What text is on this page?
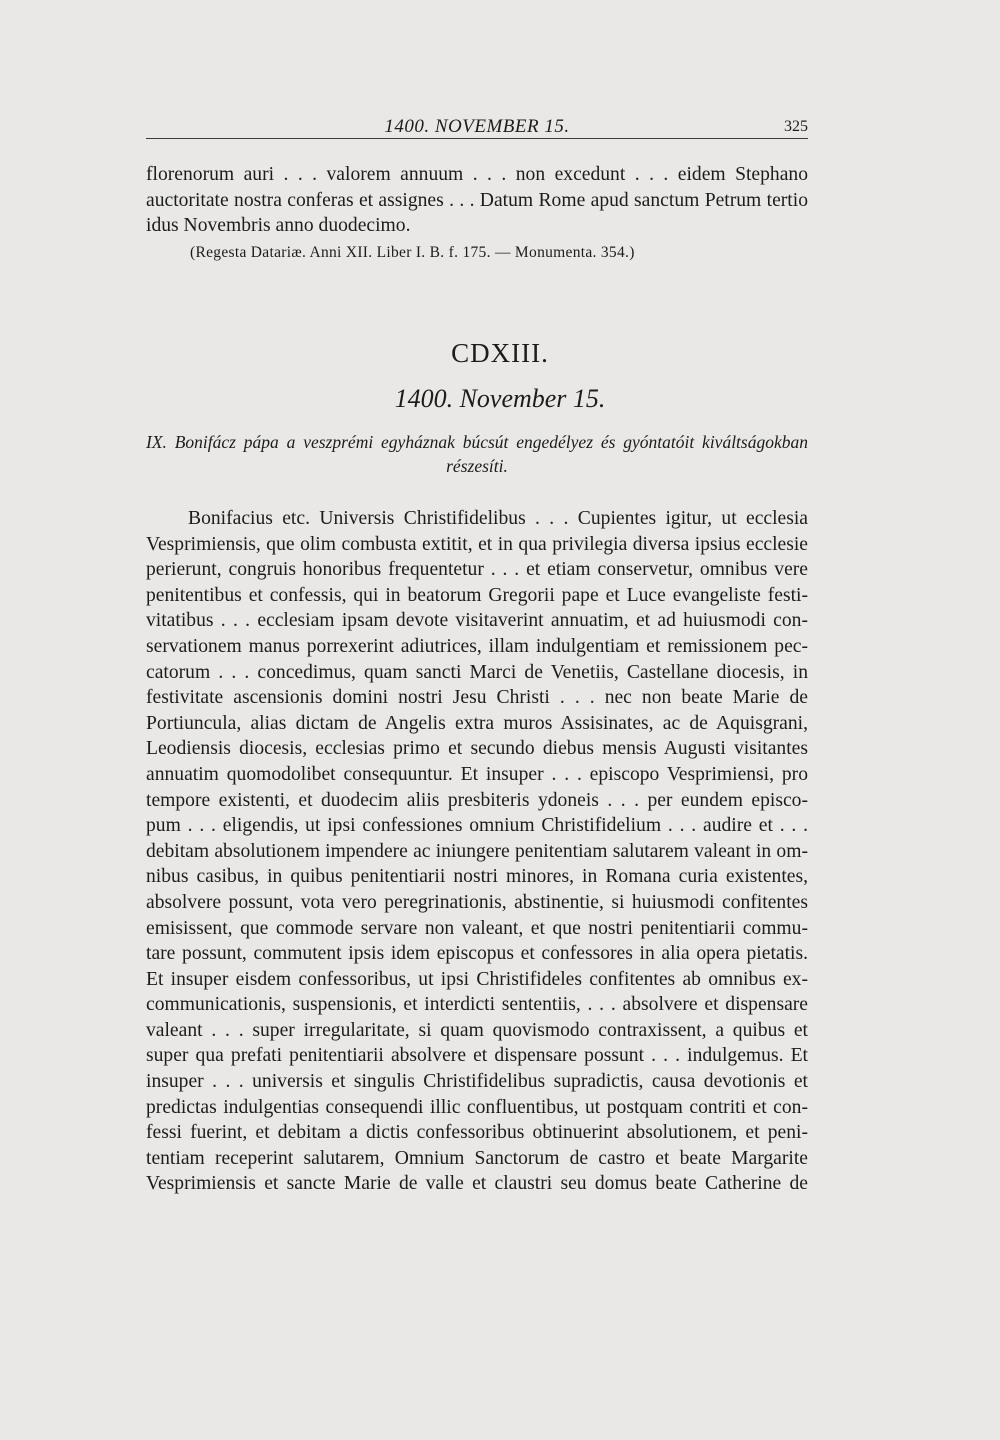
1400. NOVEMBER 15.	325
florenorum auri . . . valorem annuum . . . non excedunt . . . eidem Stephano
auctoritate nostra conferas et assignes . . . Datum Rome apud sanctum Petrum tertio
idus Novembris anno duodecimo.
(Regesta Datariæ. Anni XII. Liber I. B. f. 175. — Monumenta. 354.)
CDXIII.
1400. November 15.
IX. Bonifácz pápa a veszprémi egyháznak búcsút engedélyez és gyóntatóit kiváltságokban
részesíti.
Bonifacius etc. Universis Christifidelibus . . . Cupientes igitur, ut ecclesia
Vesprimiensis, que olim combusta extitit, et in qua privilegia diversa ipsius ecclesie
perierunt, congruis honoribus frequentetur . . . et etiam conservetur, omnibus vere
penitentibus et confessis, qui in beatorum Gregorii pape et Luce evangeliste festi-
vitatibus . . . ecclesiam ipsam devote visitaverint annuatim, et ad huiusmodi con-
servationem manus porrexerint adiutrices, illam indulgentiam et remissionem pec-
catorum . . . concedimus, quam sancti Marci de Venetiis, Castellane diocesis, in
festivitate ascensionis domini nostri Jesu Christi . . . nec non beate Marie de
Portiuncula, alias dictam de Angelis extra muros Assisinates, ac de Aquisgrani,
Leodiensis diocesis, ecclesias primo et secundo diebus mensis Augusti visitantes
annuatim quomodolibet consequuntur. Et insuper . . . episcopo Vesprimiensi, pro
tempore existenti, et duodecim aliis presbiteris ydoneis . . . per eundem episco-
pum . . . eligendis, ut ipsi confessiones omnium Christifidelium . . . audire et . . .
debitam absolutionem impendere ac iniungere penitentiam salutarem valeant in om-
nibus casibus, in quibus penitentiarii nostri minores, in Romana curia existentes,
absolvere possunt, vota vero peregrinationis, abstinentie, si huiusmodi confitentes
emisissent, que commode servare non valeant, et que nostri penitentiarii commu-
tare possunt, commutent ipsis idem episcopus et confessores in alia opera pietatis.
Et insuper eisdem confessoribus, ut ipsi Christifideles confitentes ab omnibus ex-
communicationis, suspensionis, et interdicti sententiis, . . . absolvere et dispensare
valeant . . . super irregularitate, si quam quovismodo contraxissent, a quibus et
super qua prefati penitentiarii absolvere et dispensare possunt . . . indulgemus. Et
insuper . . . universis et singulis Christifidelibus supradictis, causa devotionis et
predictas indulgentias consequendi illic confluentibus, ut postquam contriti et con-
fessi fuerint, et debitam a dictis confessoribus obtinuerint absolutionem, et peni-
tentiam receperint salutarem, Omnium Sanctorum de castro et beate Margarite
Vesprimiensis et sancte Marie de valle et claustri seu domus beate Catherine de
